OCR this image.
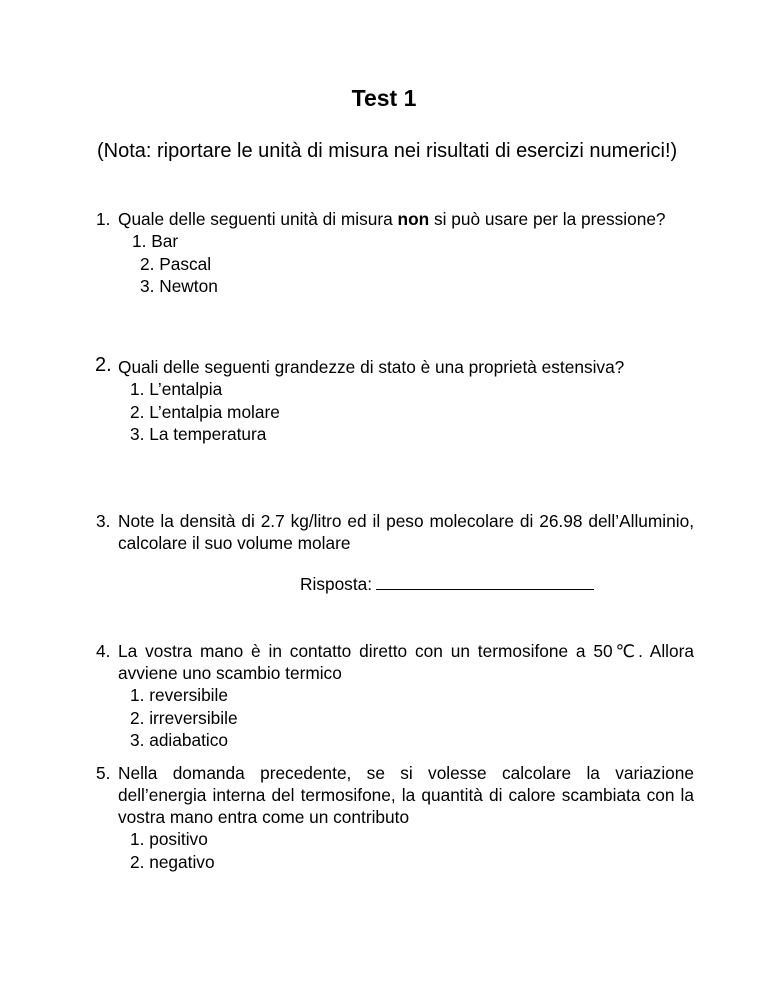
Test 1
(Nota: riportare le unità di misura nei risultati di esercizi numerici!)
1. Quale delle seguenti unità di misura non si può usare per la pressione?
1. Bar
2. Pascal
3. Newton
2. Quali delle seguenti grandezze di stato è una proprietà estensiva?
1. L’entalpia
2. L’entalpia molare
3. La temperatura
3. Note la densità di 2.7 kg/litro ed il peso molecolare di 26.98 dell’Alluminio, calcolare il suo volume molare
Risposta:
4. La vostra mano è in contatto diretto con un termosifone a 50℃. Allora avviene uno scambio termico
1. reversibile
2. irreversibile
3. adiabatico
5. Nella domanda precedente, se si volesse calcolare la variazione dell’energia interna del termosifone, la quantità di calore scambiata con la vostra mano entra come un contributo
1. positivo
2. negativo
